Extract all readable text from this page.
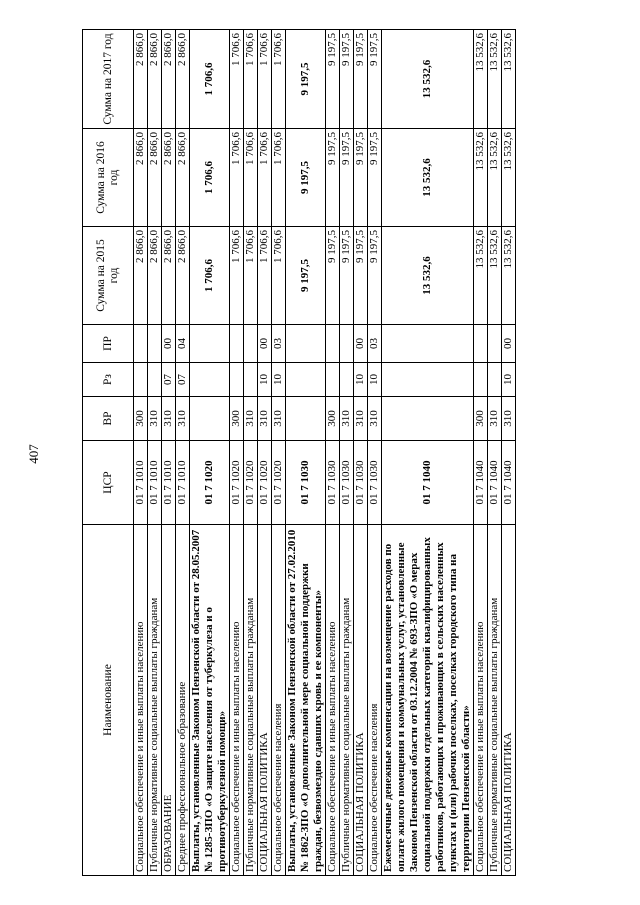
407
Наименование	ЦСР	ВР	Рз	ПР	Сумма на 2015 год	Сумма на 2016 год	Сумма на 2017 год
Социальное обеспечение и иные выплаты населению	01 7 1010	300			2 866,0	2 866,0	2 866,0
Публичные нормативные социальные выплаты гражданам	01 7 1010	310			2 866,0	2 866,0	2 866,0
ОБРАЗОВАНИЕ	01 7 1010	310	07	00	2 866,0	2 866,0	2 866,0
Среднее профессиональное образование	01 7 1010	310	07	04	2 866,0	2 866,0	2 866,0
Выплаты, установленные Законом Пензенской области от 28.05.2007 № 1285-ЗПО «О защите населения от туберкулеза и о противотуберкулезной помощи»	01 7 1020				1 706,6	1 706,6	1 706,6
Социальное обеспечение и иные выплаты населению	01 7 1020	300			1 706,6	1 706,6	1 706,6
Публичные нормативные социальные выплаты гражданам	01 7 1020	310			1 706,6	1 706,6	1 706,6
СОЦИАЛЬНАЯ ПОЛИТИКА	01 7 1020	310	10	00	1 706,6	1 706,6	1 706,6
Социальное обеспечение населения	01 7 1020	310	10	03	1 706,6	1 706,6	1 706,6
Выплаты, установленные Законом Пензенской области от 27.02.2010 № 1862-ЗПО «О дополнительной мере социальной поддержки граждан, безвозмездно сдавших кровь и ее компоненты»	01 7 1030				9 197,5	9 197,5	9 197,5
Социальное обеспечение и иные выплаты населению	01 7 1030	300			9 197,5	9 197,5	9 197,5
Публичные нормативные социальные выплаты гражданам	01 7 1030	310			9 197,5	9 197,5	9 197,5
СОЦИАЛЬНАЯ ПОЛИТИКА	01 7 1030	310	10	00	9 197,5	9 197,5	9 197,5
Социальное обеспечение населения	01 7 1030	310	10	03	9 197,5	9 197,5	9 197,5
Ежемесячные денежные компенсации на возмещение расходов по оплате жилого помещения и коммунальных услуг, установленные Законом Пензенской области от 03.12.2004 № 693-ЗПО «О мерах социальной поддержки отдельных категорий квалифицированных работников, работающих и проживающих в сельских населенных пунктах и (или) рабочих поселках, поселках городского типа на территории Пензенской области»	01 7 1040				13 532,6	13 532,6	13 532,6
Социальное обеспечение и иные выплаты населению	01 7 1040	300			13 532,6	13 532,6	13 532,6
Публичные нормативные социальные выплаты гражданам	01 7 1040	310			13 532,6	13 532,6	13 532,6
СОЦИАЛЬНАЯ ПОЛИТИКА	01 7 1040	310	10	00	13 532,6	13 532,6	13 532,6
